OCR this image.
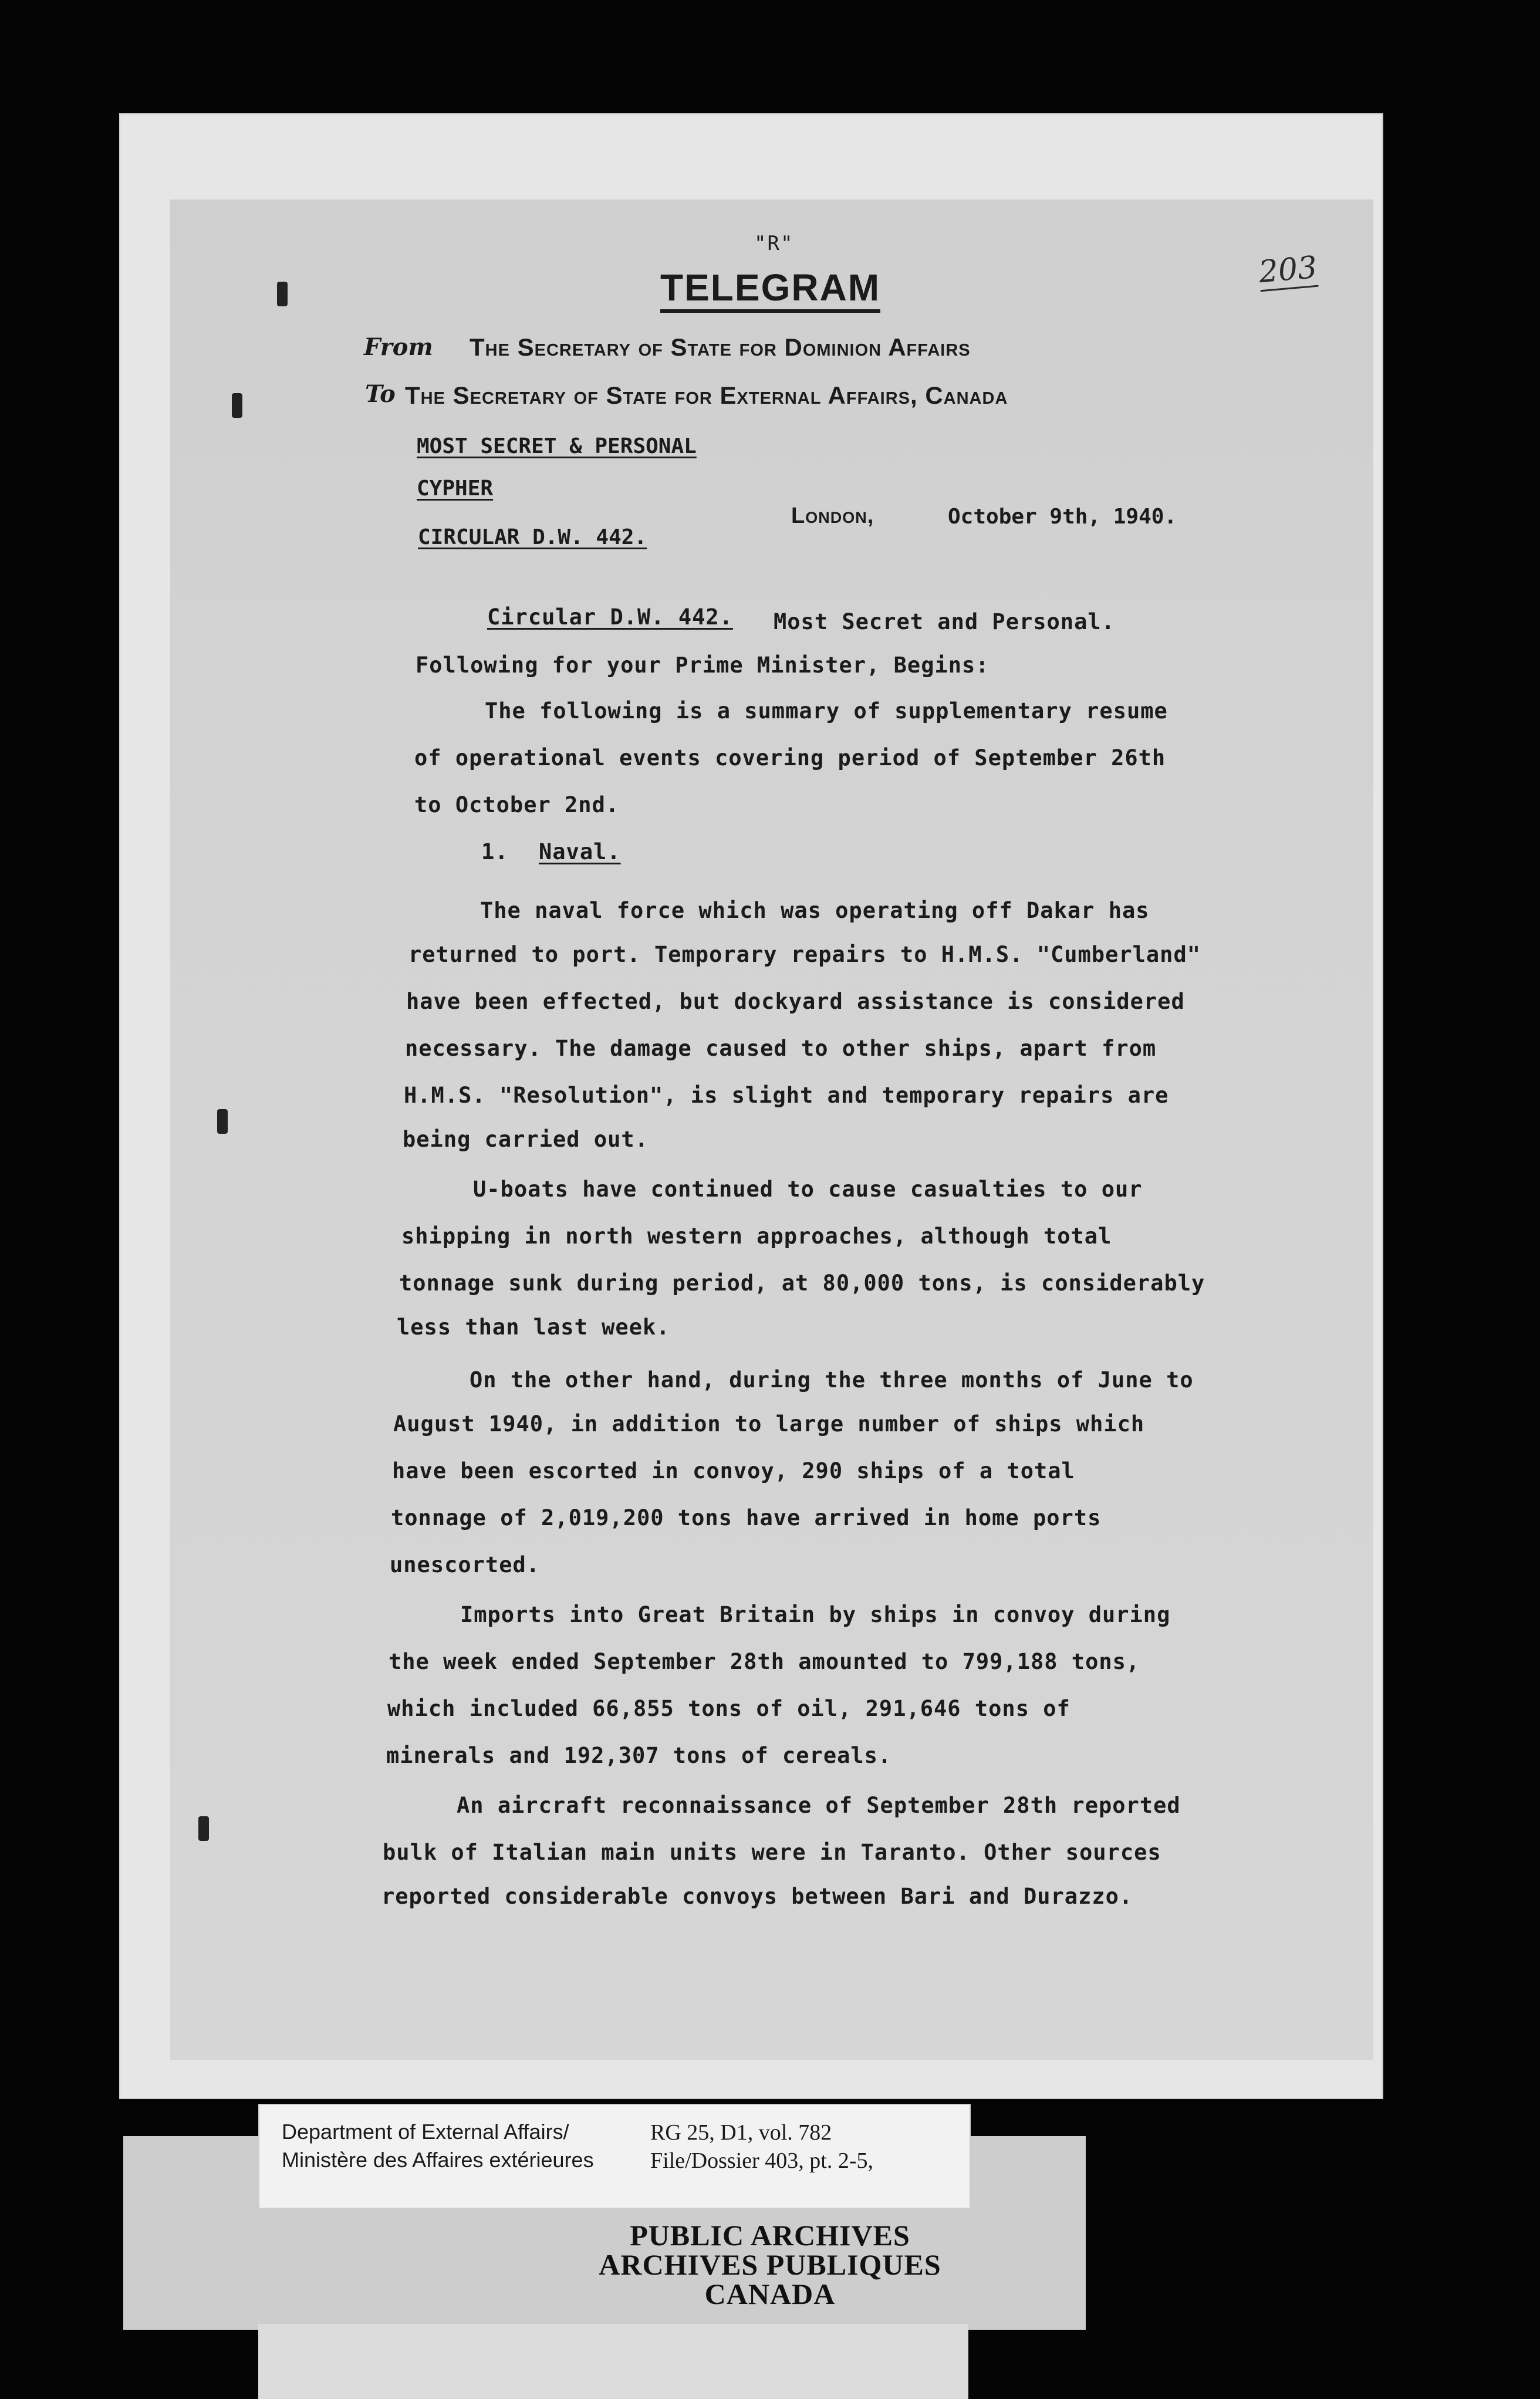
"R"
TELEGRAM	203
From The Secretary of State for Dominion Affairs
To The Secretary of State for External Affairs, Canada
MOST SECRET & PERSONAL
CYPHER
CIRCULAR D.W. 442.
London,	October 9th, 1940.
Circular D.W. 442. Most Secret and Personal.
Following for your Prime Minister, Begins:
The following is a summary of supplementary resume
of operational events covering period of September 26th
to October 2nd.
1. Naval.
The naval force which was operating off Dakar has
returned to port. Temporary repairs to H.M.S. "Cumberland"
have been effected, but dockyard assistance is considered
necessary. The damage caused to other ships, apart from
H.M.S. "Resolution", is slight and temporary repairs are
being carried out.
U-boats have continued to cause casualties to our
shipping in north western approaches, although total
tonnage sunk during period, at 80,000 tons, is considerably
less than last week.
On the other hand, during the three months of June to
August 1940, in addition to large number of ships which
have been escorted in convoy, 290 ships of a total
tonnage of 2,019,200 tons have arrived in home ports
unescorted.
Imports into Great Britain by ships in convoy during
the week ended September 28th amounted to 799,188 tons,
which included 66,855 tons of oil, 291,646 tons of
minerals and 192,307 tons of cereals.
An aircraft reconnaissance of September 28th reported
bulk of Italian main units were in Taranto. Other sources
reported considerable convoys between Bari and Durazzo.
Department of External Affairs/
Ministère des Affaires extérieures
RG 25, D1, vol. 782
File/Dossier 403, pt. 2-5,
PUBLIC ARCHIVES
ARCHIVES PUBLIQUES
CANADA
